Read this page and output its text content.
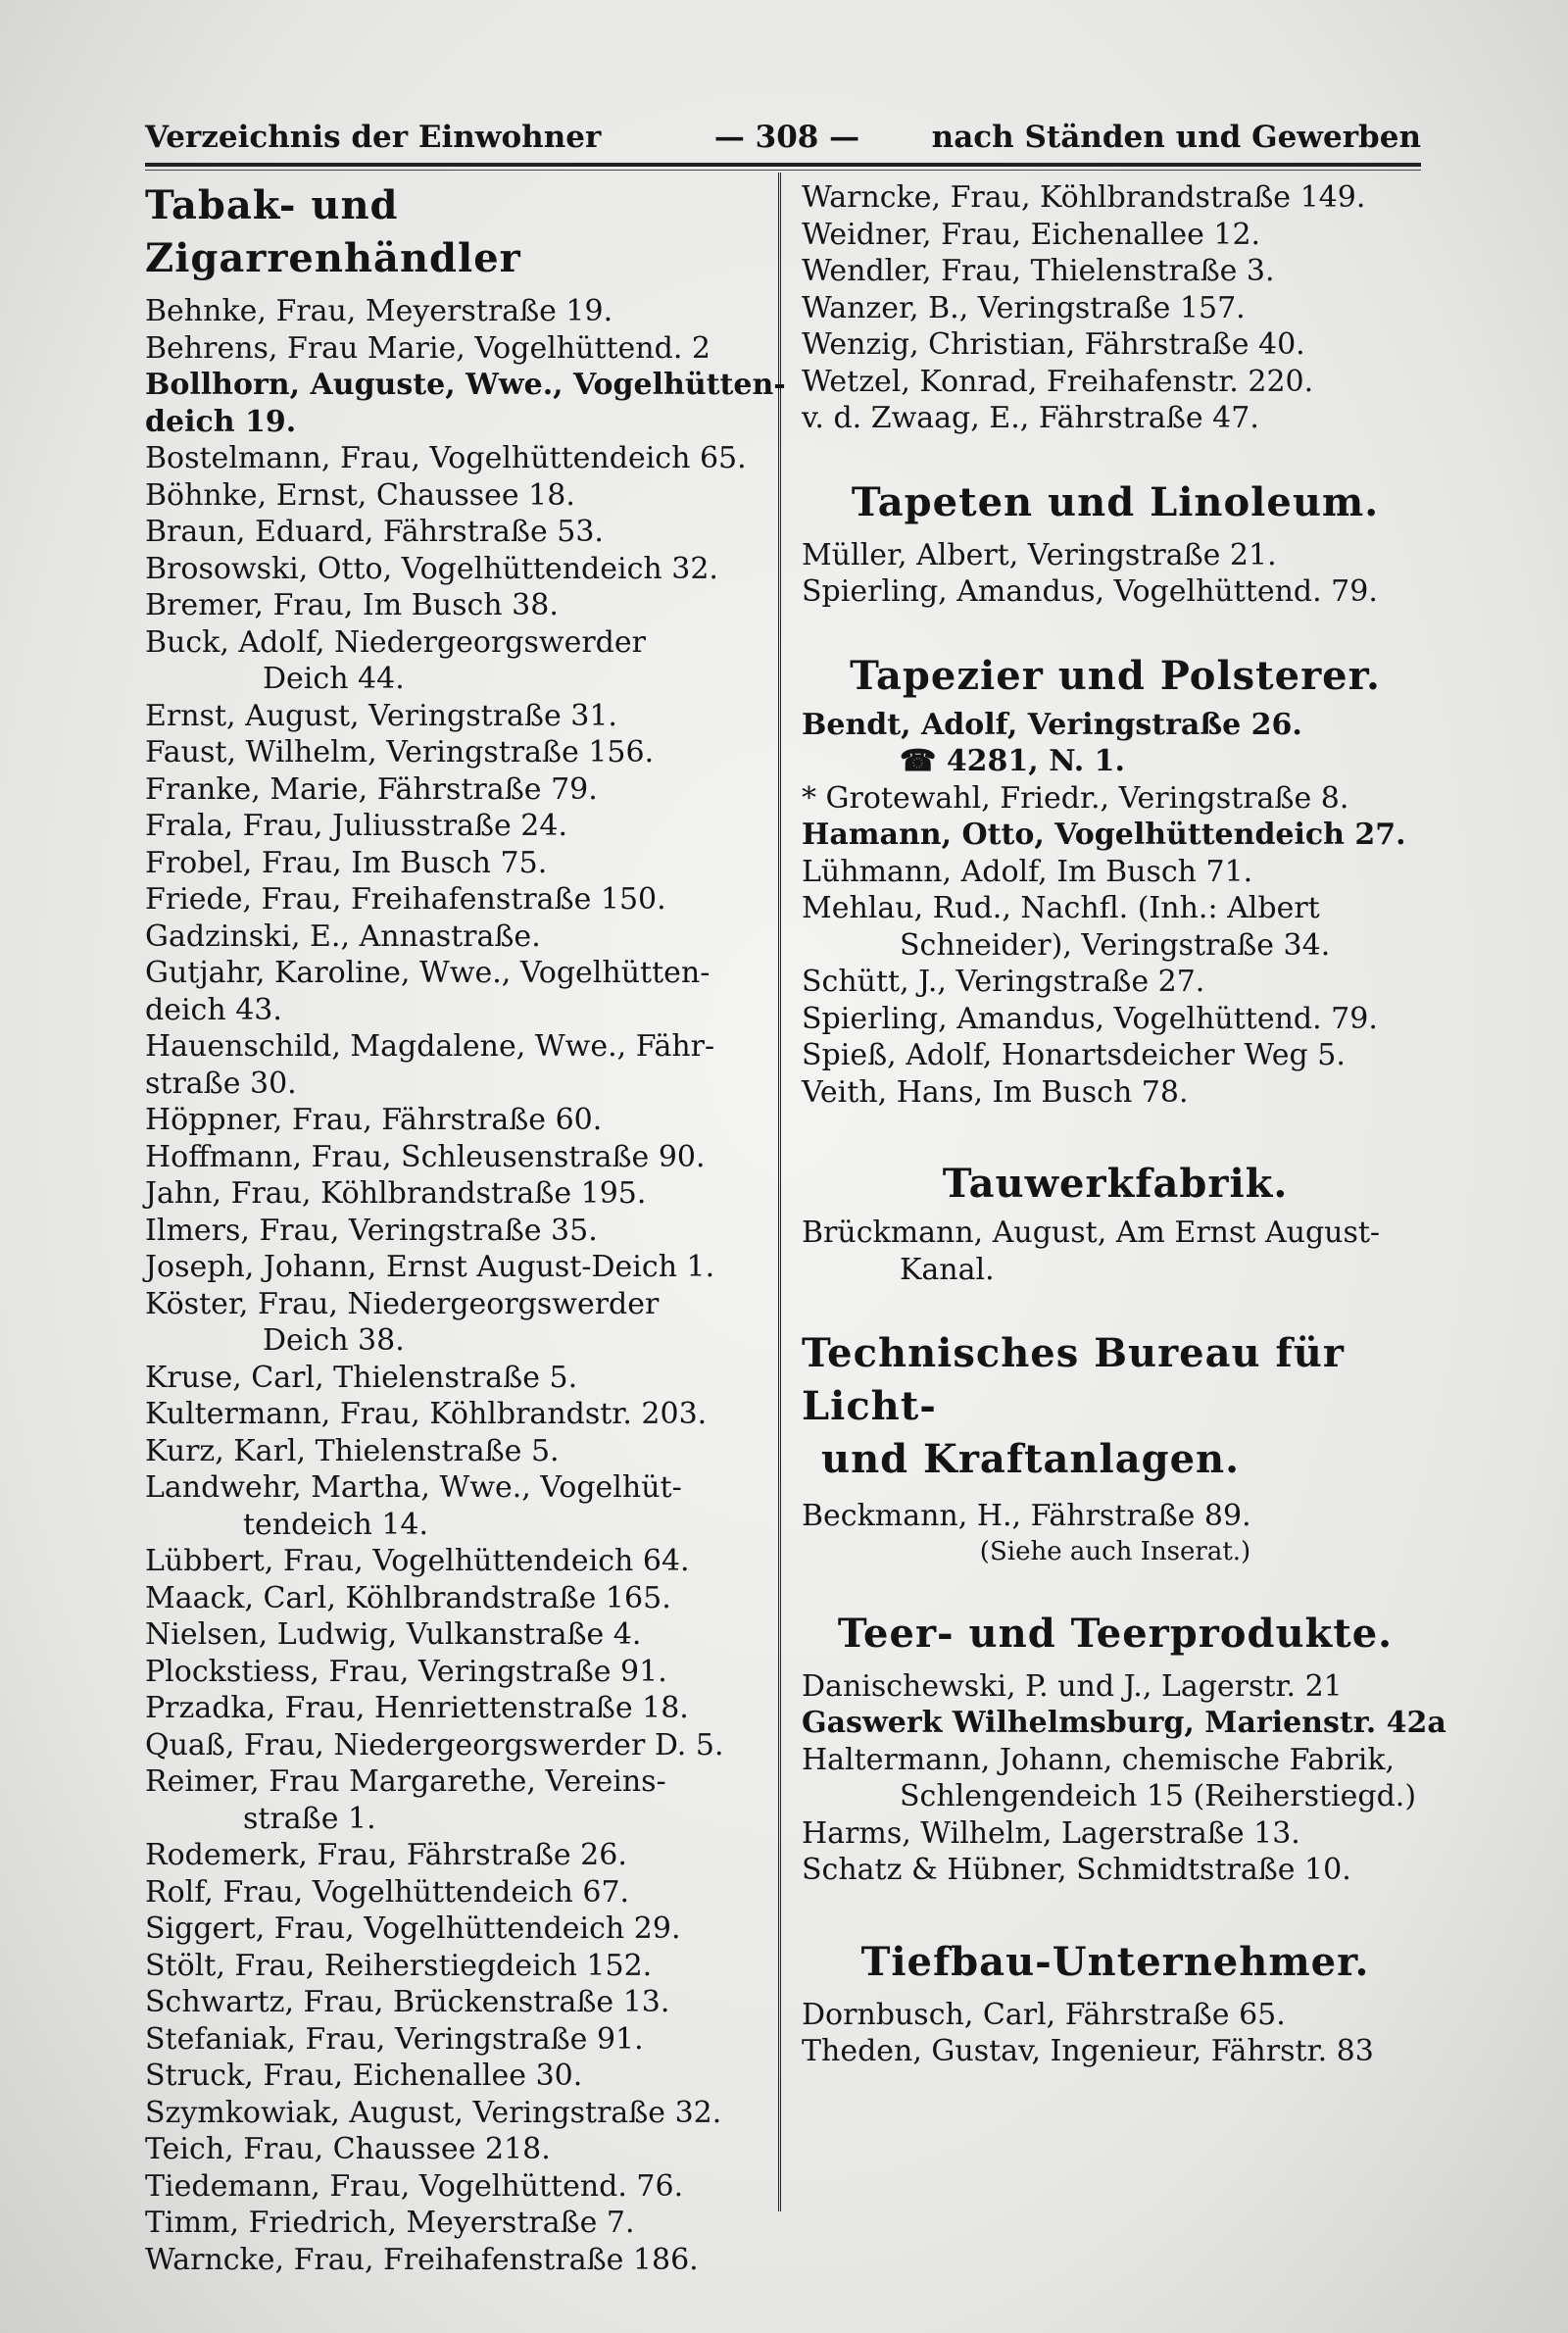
Verzeichnis der Einwohner	— 308 — nach Ständen und Gewerben

Tabak- und Zigarrenhändler

Behnke, Frau, Meyerstraße 19.

Behrens, Frau Marie, Vogelhüttend. 2

Bollhorn, Auguste, Wwe., Vogelhütten-

deich 19.

Bostelmann, Frau, Vogelhüttendeich 65.

Böhnke, Ernst, Chaussee 18.

Braun, Eduard, Fährstraße 53.

Brosowski, Otto, Vogelhüttendeich 32.

Bremer, Frau, Im Busch 38.

Buck, Adolf, Niedergeorgswerder

Deich 44.

Ernst, August, Veringstraße 31.

Faust, Wilhelm, Veringstraße 156.

Franke, Marie, Fährstraße 79.

Frala, Frau, Juliusstraße 24.

Frobel, Frau, Im Busch 75.

Friede, Frau, Freihafenstraße 150.

Gadzinski, E., Annastraße.

Gutjahr, Karoline, Wwe., Vogelhütten-

deich 43.

Hauenschild, Magdalene, Wwe., Fähr-

straße 30.

Höppner, Frau, Fährstraße 60.

Hoffmann, Frau, Schleusenstraße 90.

Jahn, Frau, Köhlbrandstraße 195.

Ilmers, Frau, Veringstraße 35.

Joseph, Johann, Ernst August-Deich 1.

Köster, Frau, Niedergeorgswerder

Deich 38.

Kruse, Carl, Thielenstraße 5.

Kultermann, Frau, Köhlbrandstr. 203.

Kurz, Karl, Thielenstraße 5.

Landwehr, Martha, Wwe., Vogelhüt-

tendeich 14.

Lübbert, Frau, Vogelhüttendeich 64.

Maack, Carl, Köhlbrandstraße 165.

Nielsen, Ludwig, Vulkanstraße 4.

Plockstiess, Frau, Veringstraße 91.

Przadka, Frau, Henriettenstraße 18.

Quaß, Frau, Niedergeorgswerder D. 5.

Reimer, Frau Margarethe, Vereins-

straße 1.

Rodemerk, Frau, Fährstraße 26.

Rolf, Frau, Vogelhüttendeich 67.

Siggert, Frau, Vogelhüttendeich 29.

Stölt, Frau, Reiherstiegdeich 152.

Schwartz, Frau, Brückenstraße 13.

Stefaniak, Frau, Veringstraße 91.

Struck, Frau, Eichenallee 30.

Szymkowiak, August, Veringstraße 32.

Teich, Frau, Chaussee 218.

Tiedemann, Frau, Vogelhüttend. 76.

Timm, Friedrich, Meyerstraße 7.

Warncke, Frau, Freihafenstraße 186.

Warncke, Frau, Köhlbrandstraße 149.

Weidner, Frau, Eichenallee 12.

Wendler, Frau, Thielenstraße 3.

Wanzer, B., Veringstraße 157.

Wenzig, Christian, Fährstraße 40.

Wetzel, Konrad, Freihafenstr. 220.

v. d. Zwaag, E., Fährstraße 47.

Tapeten und Linoleum.

Müller, Albert, Veringstraße 21.

Spierling, Amandus, Vogelhüttend. 79.

Tapezier und Polsterer.

Bendt, Adolf, Veringstraße 26.

☎ 4281, N. 1.

* Grotewahl, Friedr., Veringstraße 8.

Hamann, Otto, Vogelhüttendeich 27.

Lühmann, Adolf, Im Busch 71.

Mehlau, Rud., Nachfl. (Inh.: Albert

Schneider), Veringstraße 34.

Schütt, J., Veringstraße 27.

Spierling, Amandus, Vogelhüttend. 79.

Spieß, Adolf, Honartsdeicher Weg 5.

Veith, Hans, Im Busch 78.

Tauwerkfabrik.

Brückmann, August, Am Ernst August-

Kanal.

Technisches Bureau für Licht-

und Kraftanlagen.

Beckmann, H., Fährstraße 89.

(Siehe auch Inserat.)

Teer- und Teerprodukte.

Danischewski, P. und J., Lagerstr. 21

Gaswerk Wilhelmsburg, Marienstr. 42a

Haltermann, Johann, chemische Fabrik,

Schlengendeich 15 (Reiherstiegd.)

Harms, Wilhelm, Lagerstraße 13.

Schatz & Hübner, Schmidtstraße 10.

Tiefbau-Unternehmer.

Dornbusch, Carl, Fährstraße 65.

Theden, Gustav, Ingenieur, Fährstr. 83
